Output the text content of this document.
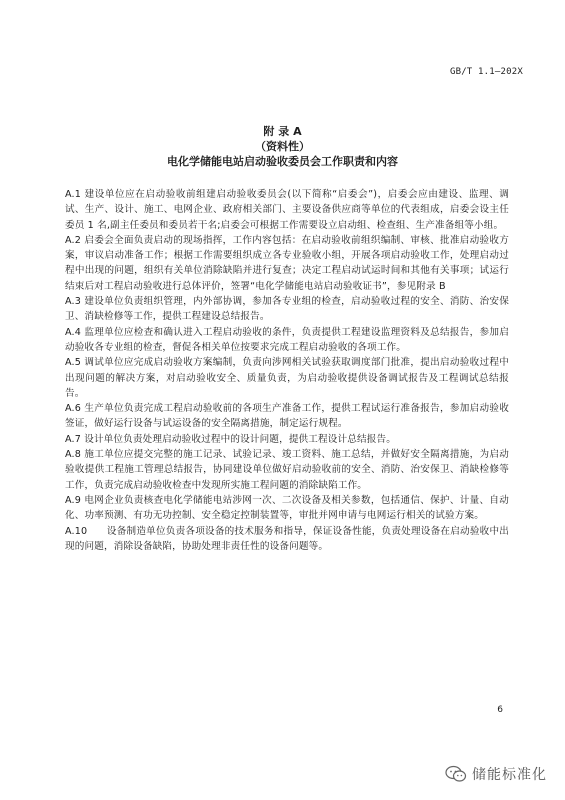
GB/T 1.1—202X
附 录 A
（资料性）
电化学储能电站启动验收委员会工作职责和内容

A.1 建设单位应在启动验收前组建启动验收委员会(以下简称“启委会”)，启委会应由建设、监理、调试、生产、设计、施工、电网企业、政府相关部门、主要设备供应商等单位的代表组成，启委会设主任委员 1 名,副主任委员和委员若干名;启委会可根据工作需要设立启动组、检查组、生产准备组等小组。

A.2 启委会全面负责启动的现场指挥，工作内容包括：在启动验收前组织编制、审核、批准启动验收方案，审议启动准备工作；根据工作需要组织成立各专业验收小组，开展各项启动验收工作，处理启动过程中出现的问题，组织有关单位消除缺陷并进行复查；决定工程启动试运时间和其他有关事项；试运行结束后对工程启动验收进行总体评价，签署“电化学储能电站启动验收证书”，参见附录 B

A.3 建设单位负责组织管理，内外部协调，参加各专业组的检查，启动验收过程的安全、消防、治安保卫、消缺检修等工作，提供工程建设总结报告。

A.4 监理单位应检查和确认进入工程启动验收的条件，负责提供工程建设监理资料及总结报告，参加启动验收各专业组的检查，督促各相关单位按要求完成工程启动验收的各项工作。

A.5 调试单位应完成启动验收方案编制，负责向涉网相关试验获取调度部门批准，提出启动验收过程中出现问题的解决方案，对启动验收安全、质量负责，为启动验收提供设备调试报告及工程调试总结报告。

A.6 生产单位负责完成工程启动验收前的各项生产准备工作，提供工程试运行准备报告，参加启动验收签证，做好运行设备与试运设备的安全隔离措施，制定运行规程。

A.7 设计单位负责处理启动验收过程中的设计问题，提供工程设计总结报告。

A.8 施工单位应提交完整的施工记录、试验记录、竣工资料、施工总结，并做好安全隔离措施，为启动验收提供工程施工管理总结报告，协同建设单位做好启动验收前的安全、消防、治安保卫、消缺检修等工作，负责完成启动验收检查中发现所实施工程问题的消除缺陷工作。

A.9 电网企业负责核查电化学储能电站涉网一次、二次设备及相关参数，包括通信、保护、计量、自动化、功率预测、有功无功控制、安全稳定控制装置等，审批并网申请与电网运行相关的试验方案。

A.10　　设备制造单位负责各项设备的技术服务和指导，保证设备性能，负责处理设备在启动验收中出现的问题，消除设备缺陷，协助处理非责任性的设备问题等。

6
储能标准化
